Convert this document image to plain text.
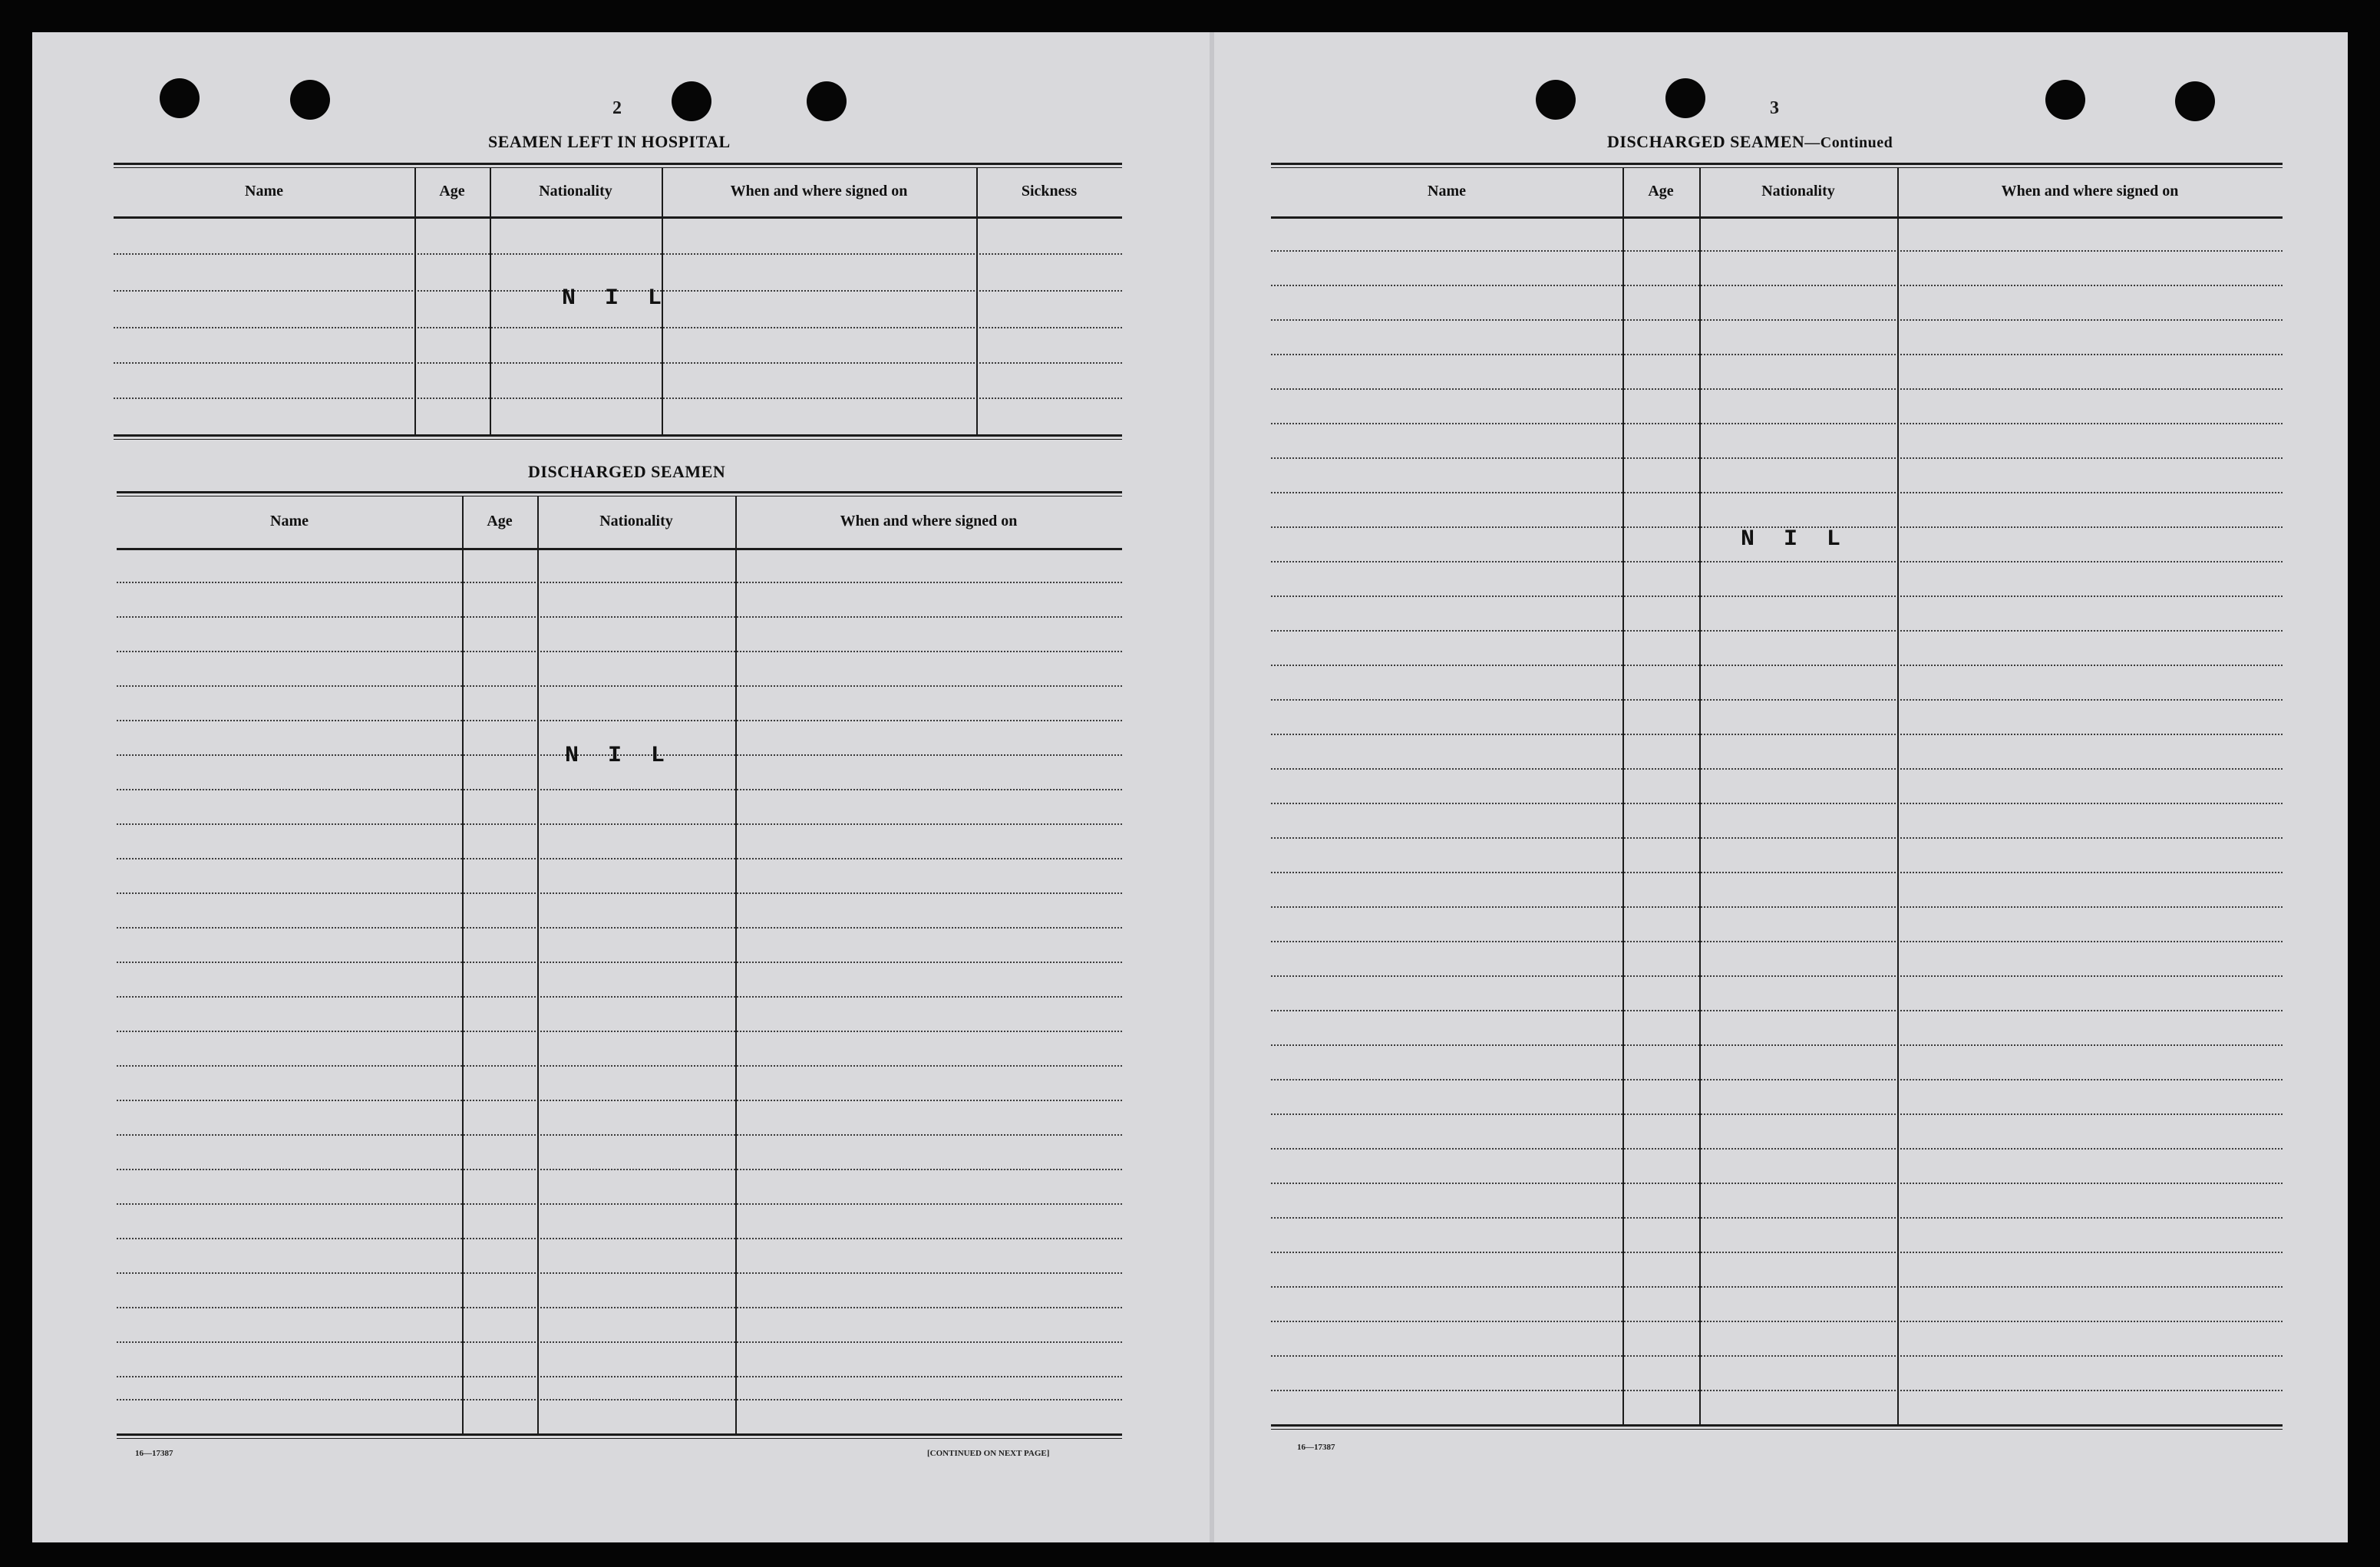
2
SEAMEN LEFT IN HOSPITAL
Name	Age	Nationality	When and where signed on	Sickness
N I L
DISCHARGED SEAMEN
Name	Age	Nationality	When and where signed on
N I L
16—17387	[CONTINUED ON NEXT PAGE]
3
DISCHARGED SEAMEN—Continued
Name	Age	Nationality	When and where signed on
N I L
16—17387
